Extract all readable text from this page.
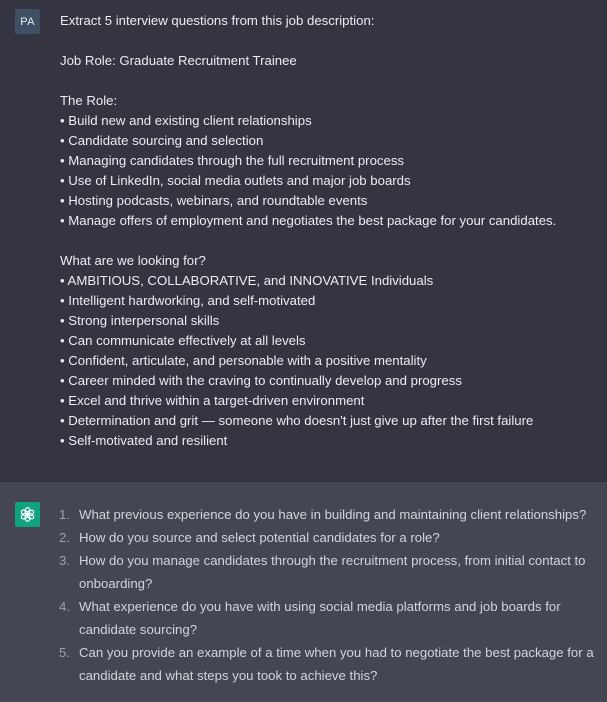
PA	Extract 5 interview questions from this job description:
Job Role: Graduate Recruitment Trainee
The Role:
• Build new and existing client relationships
• Candidate sourcing and selection
• Managing candidates through the full recruitment process
• Use of LinkedIn, social media outlets and major job boards
• Hosting podcasts, webinars, and roundtable events
• Manage offers of employment and negotiates the best package for your candidates.
What are we looking for?
• AMBITIOUS, COLLABORATIVE, and INNOVATIVE Individuals
• Intelligent hardworking, and self-motivated
• Strong interpersonal skills
• Can communicate effectively at all levels
• Confident, articulate, and personable with a positive mentality
• Career minded with the craving to continually develop and progress
• Excel and thrive within a target-driven environment
• Determination and grit — someone who doesn't just give up after the first failure
• Self-motivated and resilient
1. What previous experience do you have in building and maintaining client relationships?
2. How do you source and select potential candidates for a role?
3. How do you manage candidates through the recruitment process, from initial contact to onboarding?
4. What experience do you have with using social media platforms and job boards for candidate sourcing?
5. Can you provide an example of a time when you had to negotiate the best package for a candidate and what steps you took to achieve this?
